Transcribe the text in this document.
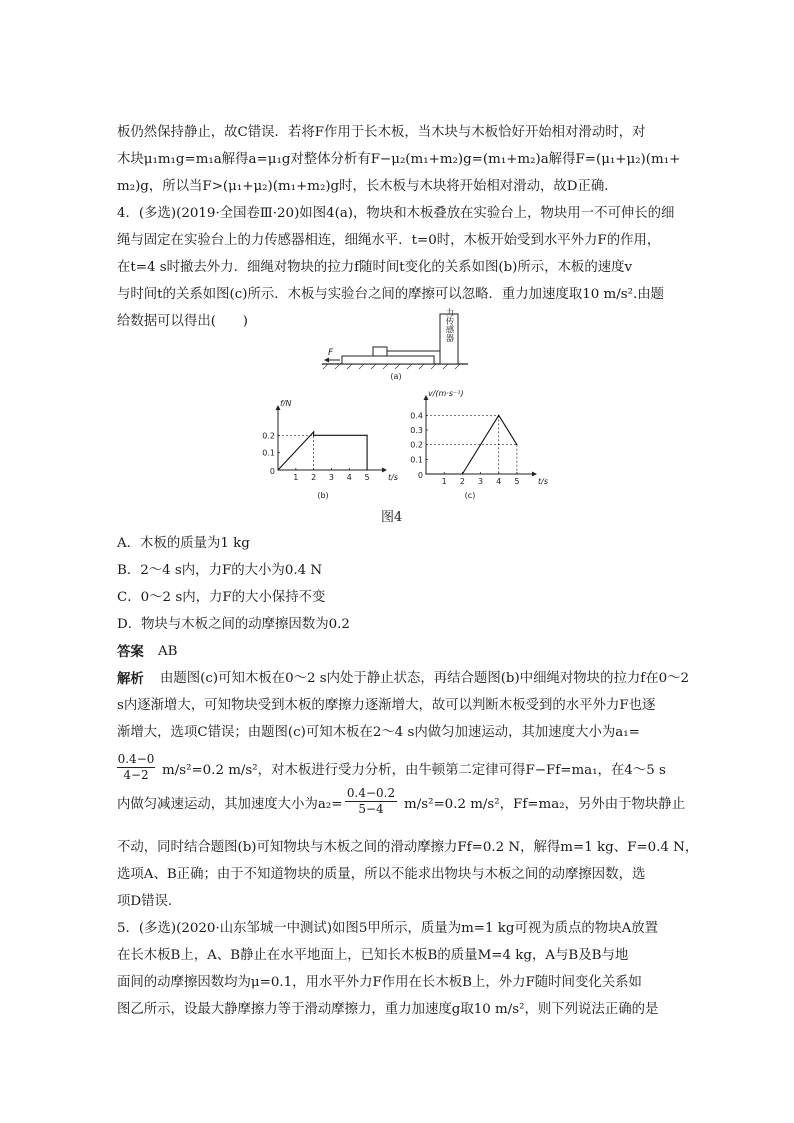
板仍然保持静止，故C错误．若将F作用于长木板，当木块与木板恰好开始相对滑动时，对
木块μ₁m₁g=m₁a解得a=μ₁g对整体分析有F−μ₂(m₁+m₂)g=(m₁+m₂)a解得F=(μ₁+μ₂)(m₁+
m₂)g，所以当F>(μ₁+μ₂)(m₁+m₂)g时，长木板与木块将开始相对滑动，故D正确．
4．(多选)(2019·全国卷Ⅲ·20)如图4(a)，物块和木板叠放在实验台上，物块用一不可伸长的细
绳与固定在实验台上的力传感器相连，细绳水平．t=0时，木板开始受到水平外力F的作用，
在t=4 s时撤去外力．细绳对物块的拉力f随时间t变化的关系如图(b)所示，木板的速度v
与时间t的关系如图(c)所示．木板与实验台之间的摩擦可以忽略．重力加速度取10 m/s².由题
给数据可以得出(　　)
F
力传感器
(a)
1 2 3 4 5
0.1
0.2
0
t/s
f/N
(b)
1 2 3 4 5
0.1
0.2
0.3
0.4
0
t/s
v/(m·s⁻¹)
(c)
图4
A．木板的质量为1 kg
B．2～4 s内，力F的大小为0.4 N
C．0～2 s内，力F的大小保持不变
D．物块与木板之间的动摩擦因数为0.2
答案 AB
解析 由题图(c)可知木板在0～2 s内处于静止状态，再结合题图(b)中细绳对物块的拉力f在0～2
s内逐渐增大，可知物块受到木板的摩擦力逐渐增大，故可以判断木板受到的水平外力F也逐
渐增大，选项C错误；由题图(c)可知木板在2～4 s内做匀加速运动，其加速度大小为a₁=
$\frac{0.4-0}{4-2} m/s^2=0.2$ m/s²，对木板进行受力分析，由牛顿第二定律可得F−Ff=ma₁，在4～5 s
内做匀减速运动，其加速度大小为$a_2= \frac{0.4-0.2}{5-4} m/s^2=0.2$ m/s²，Ff=ma₂，另外由于物块静止
不动，同时结合题图(b)可知物块与木板之间的滑动摩擦力Ff=0.2 N，解得m=1 kg、F=0.4 N，
选项A、B正确；由于不知道物块的质量，所以不能求出物块与木板之间的动摩擦因数，选
项D错误．
5．(多选)(2020·山东邹城一中测试)如图5甲所示，质量为m=1 kg可视为质点的物块A放置
在长木板B上，A、B静止在水平地面上，已知长木板B的质量M=4 kg，A与B及B与地
面间的动摩擦因数均为μ=0.1，用水平外力F作用在长木板B上，外力F随时间变化关系如
图乙所示，设最大静摩擦力等于滑动摩擦力，重力加速度g取10 m/s²，则下列说法正确的是
